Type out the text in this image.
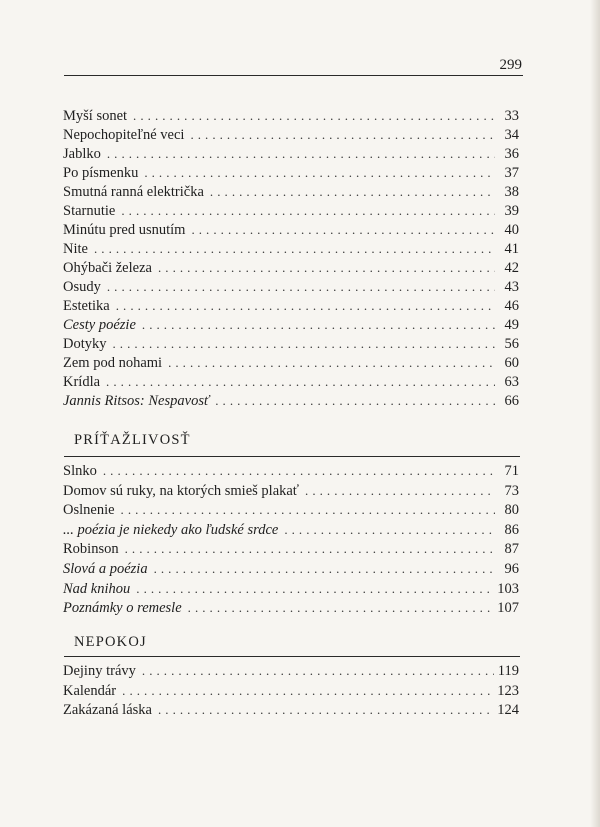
299
Myší sonet . . .	33
Nepochopiteľné veci . . .	34
Jablko . . .	36
Po písmenku . . .	37
Smutná ranná električka . . .	38
Starnutie . . .	39
Minútu pred usnutím . . .	40
Nite . . .	41
Ohýbači železa . . .	42
Osudy . . .	43
Estetika . . .	46
Cesty poézie . . .	49
Dotyky . . .	56
Zem pod nohami . . .	60
Krídla . . .	63
Jannis Ritsos: Nespavosť . . .	66
PRÍŤAŽLIVOSŤ
Slnko . . .	71
Domov sú ruky, na ktorých smieš plakať . . .	73
Oslnenie . . .	80
... poézia je niekedy ako ľudské srdce . . .	86
Robinson . . .	87
Slová a poézia . . .	96
Nad knihou . . .	103
Poznámky o remesle . . .	107
NEPOKOJ
Dejiny trávy . . .	119
Kalendár . . .	123
Zakázaná láska . . .	124
